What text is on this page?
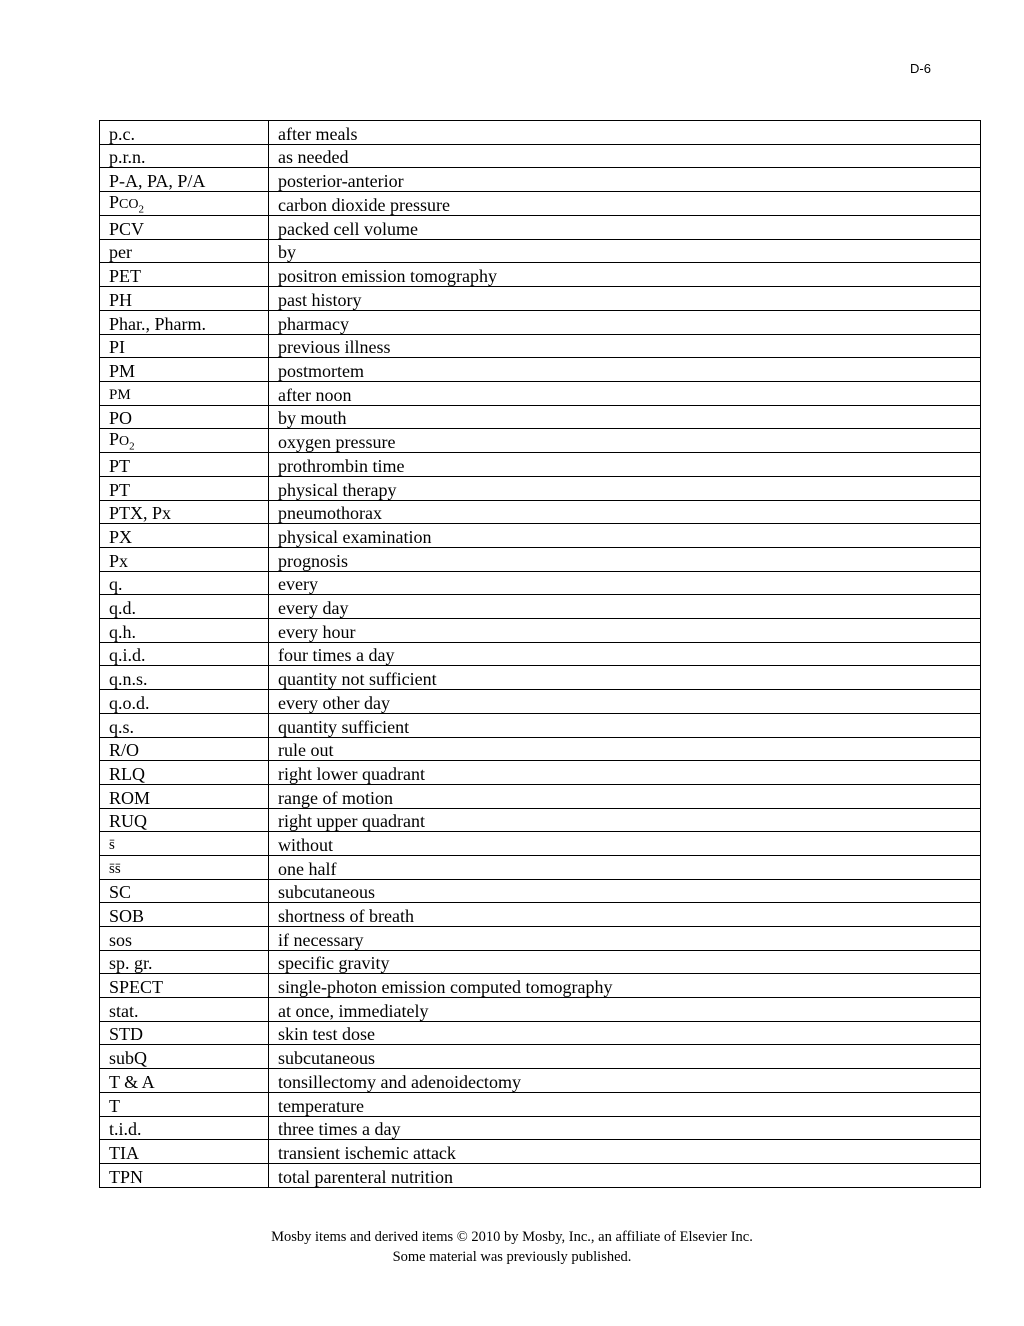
D-6
p.c.	after meals
p.r.n.	as needed
P-A, PA, P/A	posterior-anterior
$PCO_2$	carbon dioxide pressure
PCV	packed cell volume
per	by
PET	positron emission tomography
PH	past history
Phar., Pharm.	pharmacy
PI	previous illness
PM	postmortem
PM	after noon
PO	by mouth
$PO_2$	oxygen pressure
PT	prothrombin time
PT	physical therapy
PTX, Px	pneumothorax
PX	physical examination
Px	prognosis
q.	every
q.d.	every day
q.h.	every hour
q.i.d.	four times a day
q.n.s.	quantity not sufficient
q.o.d.	every other day
q.s.	quantity sufficient
R/O	rule out
RLQ	right lower quadrant
ROM	range of motion
RUQ	right upper quadrant
s̄	without
s̄s̄	one half
SC	subcutaneous
SOB	shortness of breath
sos	if necessary
sp. gr.	specific gravity
SPECT	single-photon emission computed tomography
stat.	at once, immediately
STD	skin test dose
subQ	subcutaneous
T & A	tonsillectomy and adenoidectomy
T	temperature
t.i.d.	three times a day
TIA	transient ischemic attack
TPN	total parenteral nutrition
Mosby items and derived items © 2010 by Mosby, Inc., an affiliate of Elsevier Inc.
Some material was previously published.
